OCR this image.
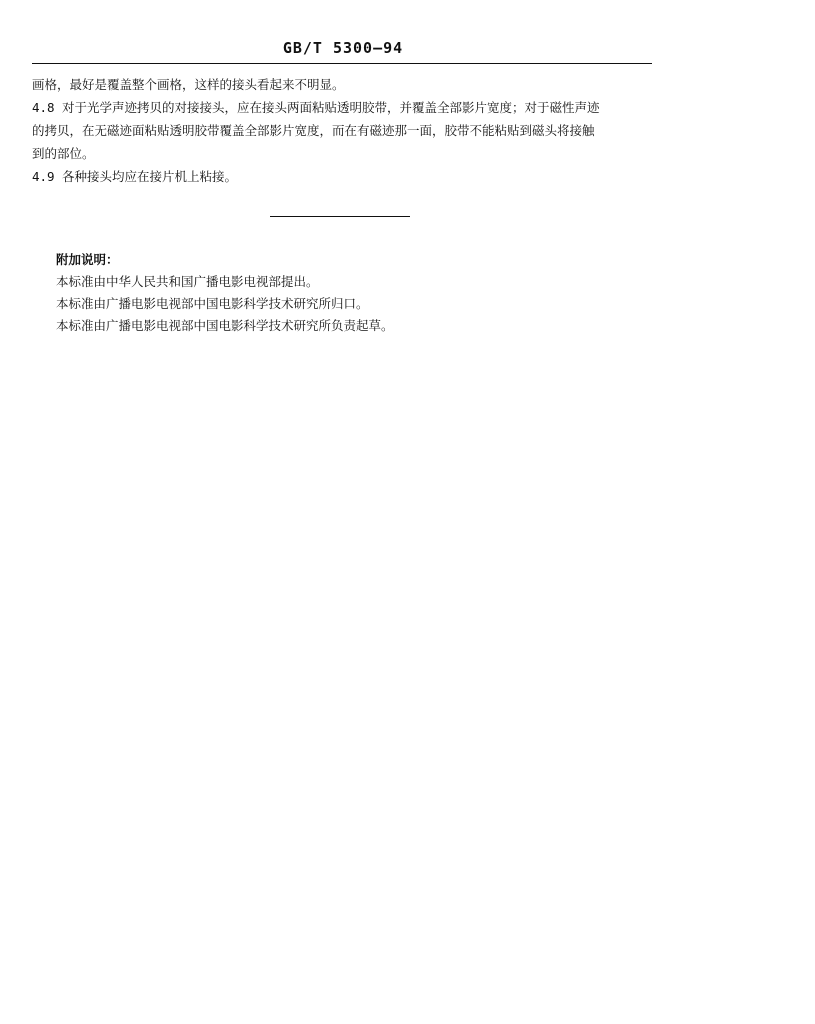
GB/T 5300—94
画格，最好是覆盖整个画格，这样的接头看起来不明显。
4.8 对于光学声迹拷贝的对接接头，应在接头两面粘贴透明胶带，并覆盖全部影片宽度；对于磁性声迹
的拷贝，在无磁迹面粘贴透明胶带覆盖全部影片宽度，而在有磁迹那一面，胶带不能粘贴到磁头将接触
到的部位。
4.9 各种接头均应在接片机上粘接。
附加说明：
本标准由中华人民共和国广播电影电视部提出。
本标准由广播电影电视部中国电影科学技术研究所归口。
本标准由广播电影电视部中国电影科学技术研究所负责起草。
